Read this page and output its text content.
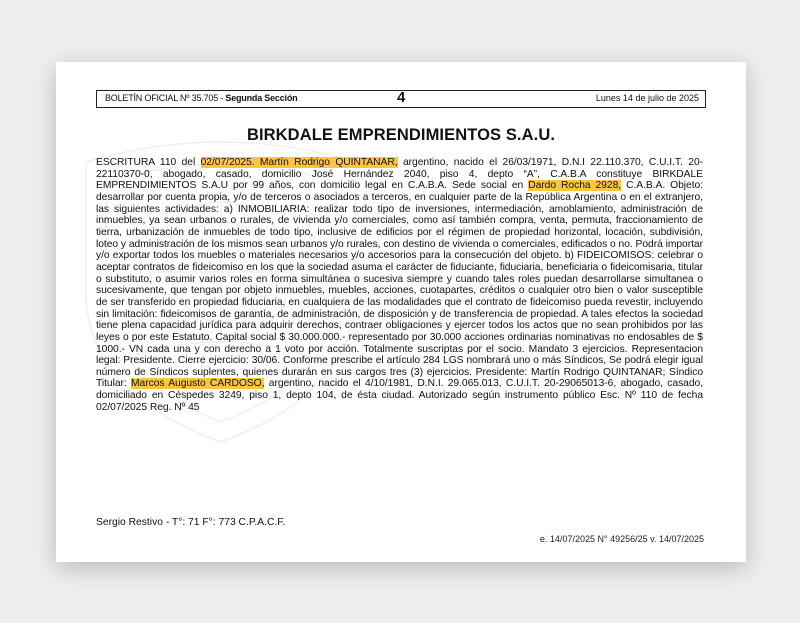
BOLETÍN OFICIAL Nº 35.705 - Segunda Sección	4	Lunes 14 de julio de 2025
BIRKDALE EMPRENDIMIENTOS S.A.U.
ESCRITURA 110 del 02/07/2025. Martín Rodrigo QUINTANAR, argentino, nacido el 26/03/1971, D.N.I 22.110.370, C.U.I.T. 20-22110370-0, abogado, casado, domicilio José Hernández 2040, piso 4, depto “A”, C.A.B.A constituye BIRKDALE EMPRENDIMIENTOS S.A.U por 99 años, con domicilio legal en C.A.B.A. Sede social en Dardo Rocha 2928, C.A.B.A. Objeto: desarrollar por cuenta propia, y/o de terceros o asociados a terceros, en cualquier parte de la República Argentina o en el extranjero, las siguientes actividades: a) INMOBILIARIA: realizar todo tipo de inversiones, intermediación, amoblamiento, administración de inmuebles, ya sean urbanos o rurales, de vivienda y/o comerciales, como así también compra, venta, permuta, fraccionamiento de tierra, urbanización de inmuebles de todo tipo, inclusive de edificios por el régimen de propiedad horizontal, locación, subdivisión, loteo y administración de los mismos sean urbanos y/o rurales, con destino de vivienda o comerciales, edificados o no. Podrá importar y/o exportar todos los muebles o materiales necesarios y/o accesorios para la consecución del objeto. b) FIDEICOMISOS: celebrar o aceptar contratos de fideicomiso en los que la sociedad asuma el carácter de fiduciante, fiduciaria, beneficiaria o fideicomisaria, titular o substituto, o asumir varios roles en forma simultánea o sucesiva siempre y cuando tales roles puedan desarrollarse simultanea o sucesivamente, que tengan por objeto inmuebles, muebles, acciones, cuotapartes, créditos o cualquier otro bien o valor susceptible de ser transferido en propiedad fiduciaria, en cualquiera de las modalidades que el contrato de fideicomiso pueda revestir, incluyendo sin limitación: fideicomisos de garantía, de administración, de disposición y de transferencia de propiedad. A tales efectos la sociedad tiene plena capacidad jurídica para adquirir derechos, contraer obligaciones y ejercer todos los actos que no sean prohibidos por las leyes o por este Estatuto. Capital social $ 30.000.000.- representado por 30.000 acciones ordinarias nominativas no endosables de $ 1000.- VN cada una y con derecho a 1 voto por acción. Totalmente suscriptas por el socio. Mandato 3 ejercicios. Representacion legal: Presidente. Cierre ejercicio: 30/06. Conforme prescribe el artículo 284 LGS nombrará uno o más Síndicos, Se podrá elegir igual número de Síndicos suplentes, quienes durarán en sus cargos tres (3) ejercicios. Presidente: Martín Rodrigo QUINTANAR; Síndico Titular: Marcos Augusto CARDOSO, argentino, nacido el 4/10/1981, D.N.I. 29.065.013, C.U.I.T. 20-29065013-6, abogado, casado, domiciliado en Céspedes 3249, piso 1, depto 104, de ésta ciudad. Autorizado según instrumento público Esc. Nº 110 de fecha 02/07/2025 Reg. Nº 45
Sergio Restivo - T°: 71 F°: 773 C.P.A.C.F.
e. 14/07/2025 N° 49256/25 v. 14/07/2025
